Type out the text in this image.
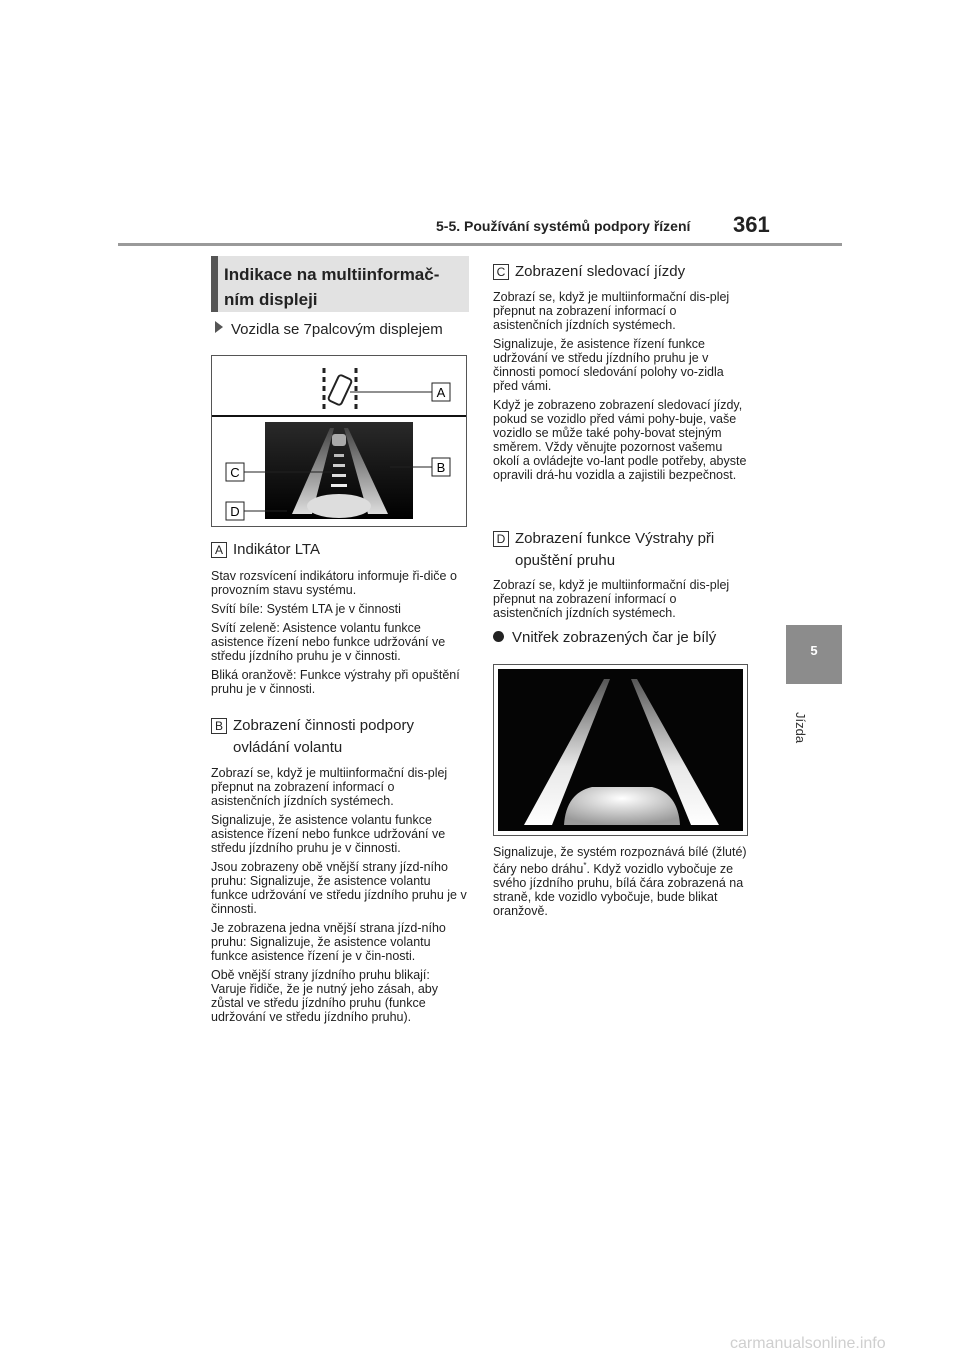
5-5. Používání systémů podpory řízení 361
5
Jízda
Indikace na multiinformač-ním displeji
Vozidla se 7palcovým displejem
A
B
C
D
A Indikátor LTA

Stav rozsvícení indikátoru informuje ři-diče o provozním stavu systému.

Svítí bíle: Systém LTA je v činnosti

Svítí zeleně: Asistence volantu funkce asistence řízení nebo funkce udržování ve středu jízdního pruhu je v činnosti.

Bliká oranžově: Funkce výstrahy při opuštění pruhu je v činnosti.

B Zobrazení činnosti podpory ovládání volantu

Zobrazí se, když je multiinformační dis-plej přepnut na zobrazení informací o asistenčních jízdních systémech.

Signalizuje, že asistence volantu funkce asistence řízení nebo funkce udržování ve středu jízdního pruhu je v činnosti.

Jsou zobrazeny obě vnější strany jízd-ního pruhu: Signalizuje, že asistence volantu funkce udržování ve středu jízdního pruhu je v činnosti.

Je zobrazena jedna vnější strana jízd-ního pruhu: Signalizuje, že asistence volantu funkce asistence řízení je v čin-nosti.

Obě vnější strany jízdního pruhu blikají: Varuje řidiče, že je nutný jeho zásah, aby zůstal ve středu jízdního pruhu (funkce udržování ve středu jízdního pruhu).

C Zobrazení sledovací jízdy

Zobrazí se, když je multiinformační dis-plej přepnut na zobrazení informací o asistenčních jízdních systémech.

Signalizuje, že asistence řízení funkce udržování ve středu jízdního pruhu je v činnosti pomocí sledování polohy vo-zidla před vámi.

Když je zobrazeno zobrazení sledovací jízdy, pokud se vozidlo před vámi pohy-buje, vaše vozidlo se může také pohy-bovat stejným směrem. Vždy věnujte pozornost vašemu okolí a ovládejte vo-lant podle potřeby, abyste opravili drá-hu vozidla a zajistili bezpečnost.

D Zobrazení funkce Výstrahy při opuštění pruhu

Zobrazí se, když je multiinformační dis-plej přepnut na zobrazení informací o asistenčních jízdních systémech.

Vnitřek zobrazených čar je bílý

Signalizuje, že systém rozpoznává bílé (žluté) čáry nebo dráhu*. Když vozidlo vybočuje ze svého jízdního pruhu, bílá čára zobrazená na straně, kde vozidlo vybočuje, bude blikat oranžově.

carmanualsonline.info
